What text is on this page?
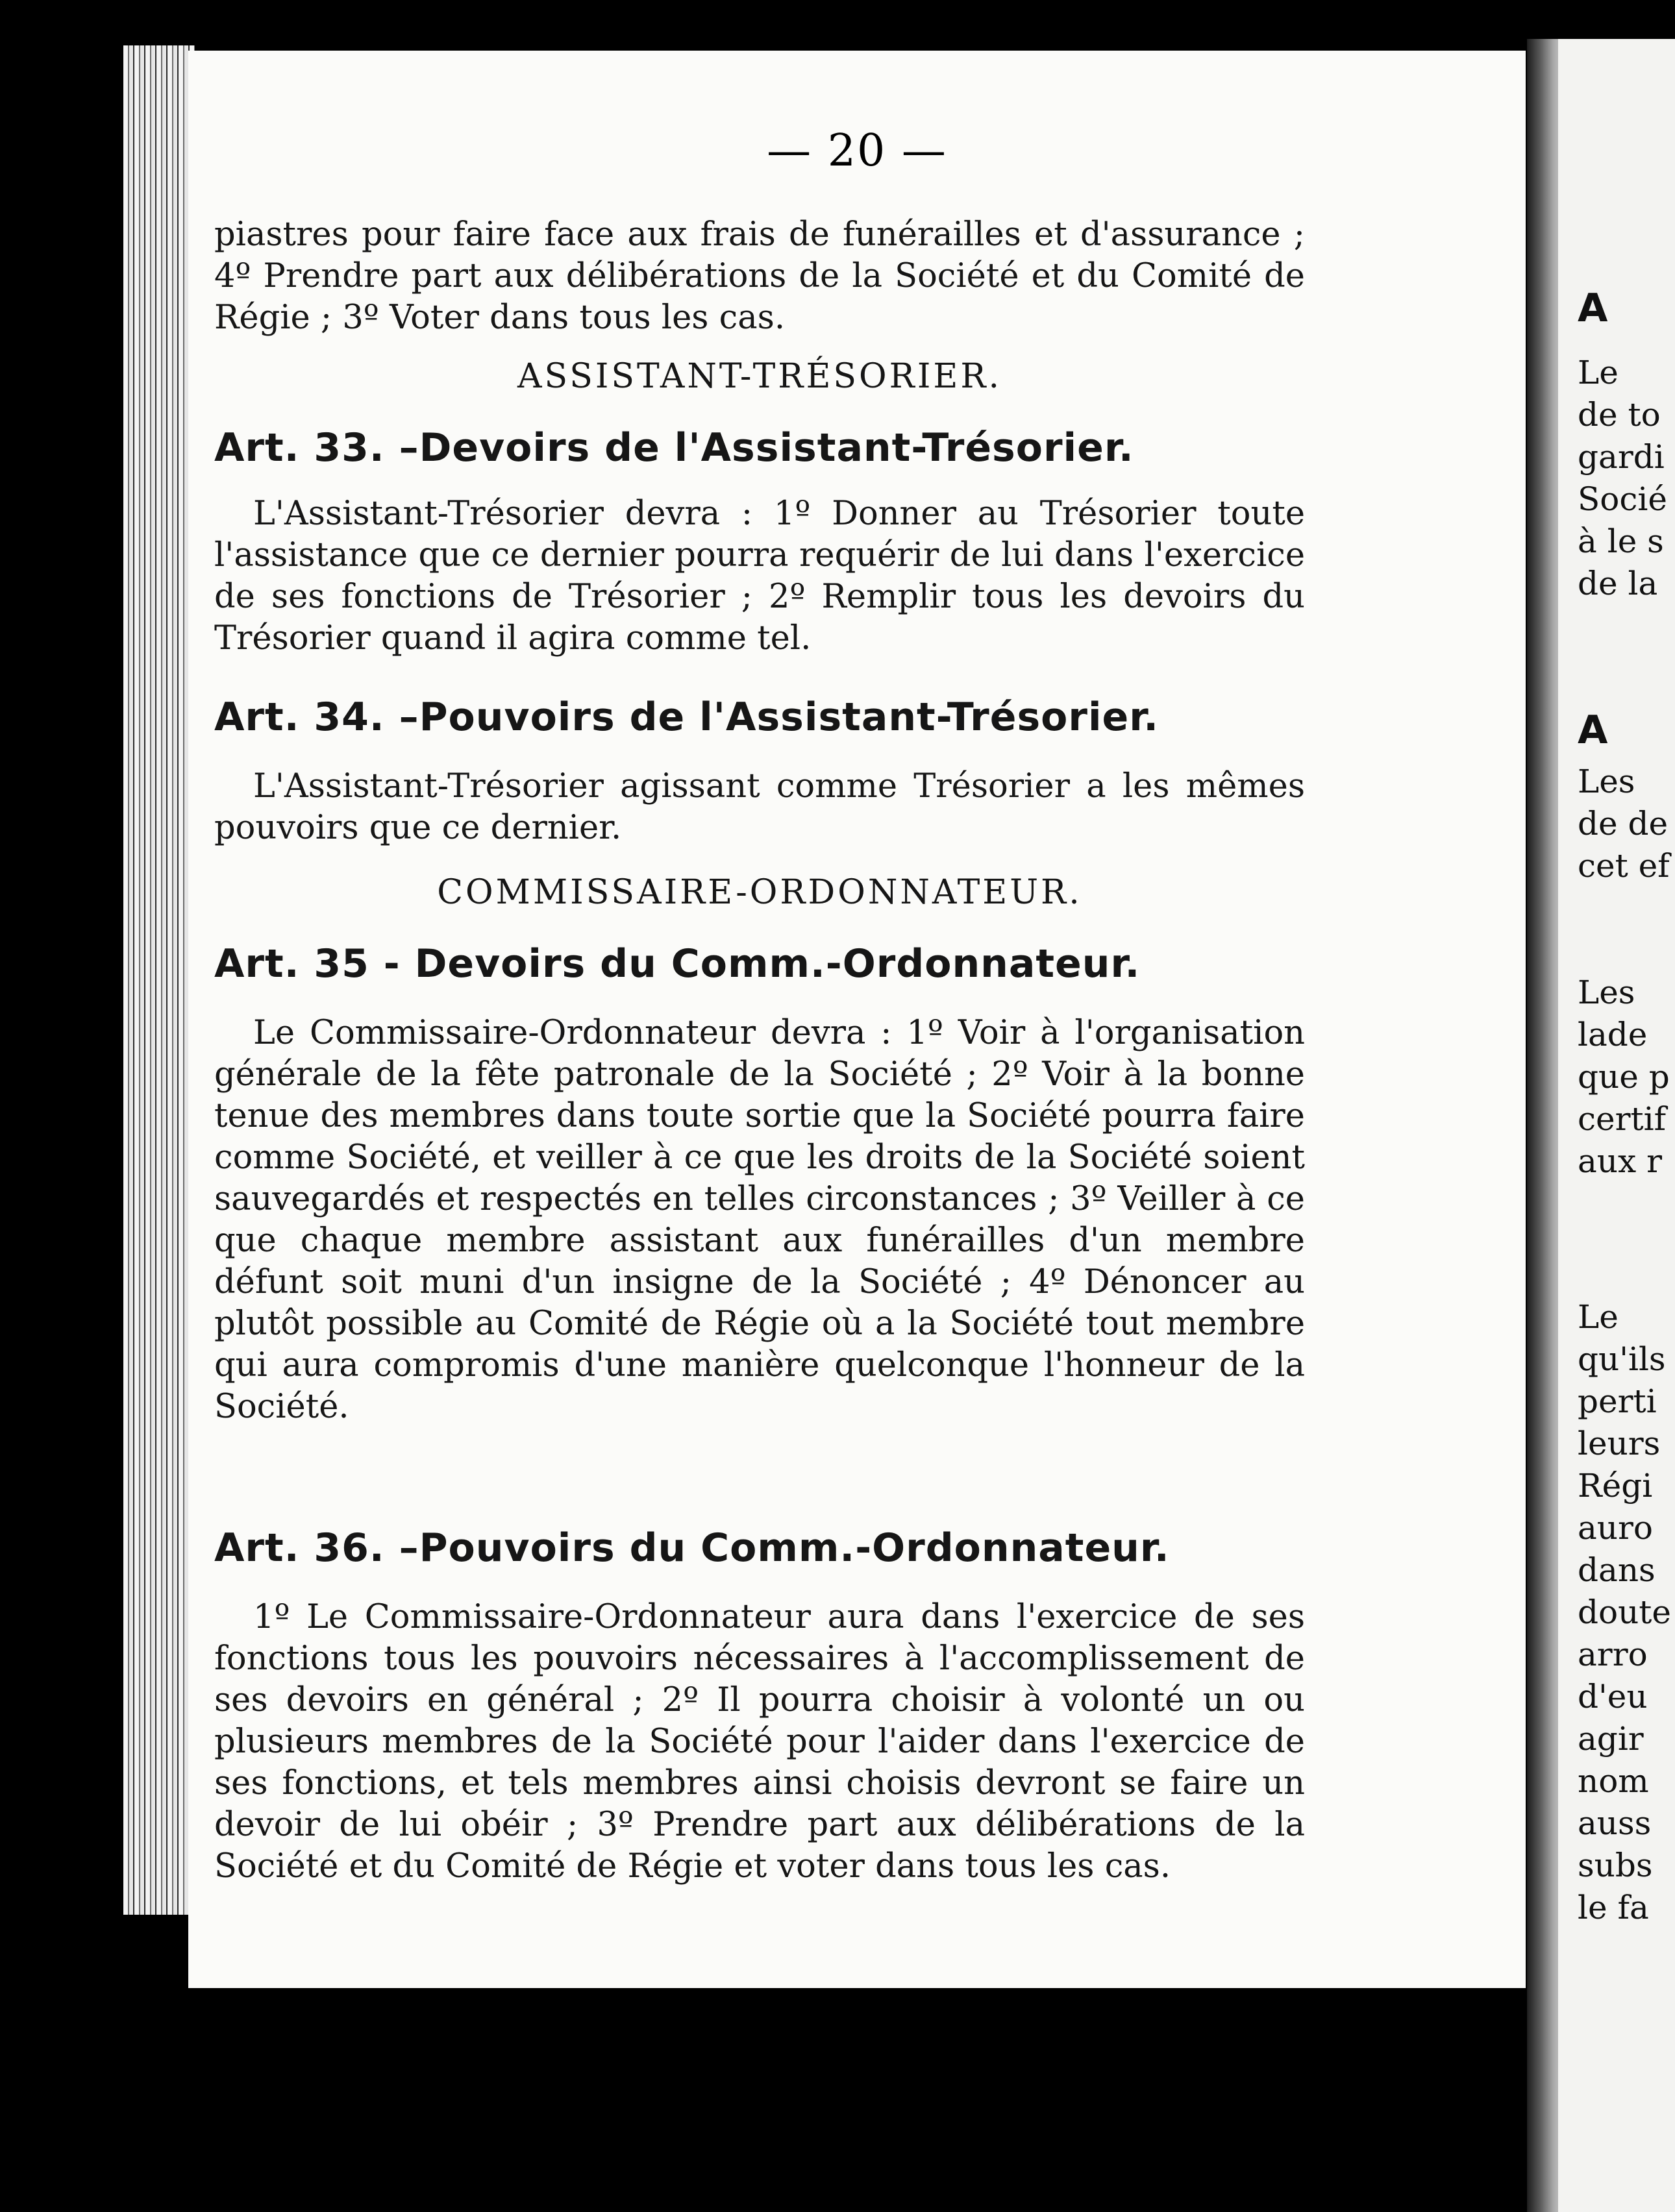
— 20 —
A
Le
de to
gardi
Socié
à le s
de la
A
Les
de de
cet ef
Les
lade
que p
certif
aux r
Le
qu'ils
perti
leurs
Régi
auro
dans
doute
arro
d'eu
agir
nom
auss
subs
le fa
piastres pour faire face aux frais de funérailles et d'assurance ; 4º Prendre part aux délibérations de la Société et du Comité de Régie ; 3º Voter dans tous les cas.
ASSISTANT-TRÉSORIER.
Art. 33. –Devoirs de l'Assistant-Trésorier.
L'Assistant-Trésorier devra : 1º Donner au Trésorier toute l'assistance que ce dernier pourra requérir de lui dans l'exercice de ses fonctions de Trésorier ; 2º Remplir tous les devoirs du Trésorier quand il agira comme tel.
Art. 34. –Pouvoirs de l'Assistant-Trésorier.
L'Assistant-Trésorier agissant comme Trésorier a les mêmes pouvoirs que ce dernier.
COMMISSAIRE-ORDONNATEUR.
Art. 35 - Devoirs du Comm.-Ordonnateur.
Le Commissaire-Ordonnateur devra : 1º Voir à l'organisation générale de la fête patronale de la Société ; 2º Voir à la bonne tenue des membres dans toute sortie que la Société pourra faire comme Société, et veiller à ce que les droits de la Société soient sauvegardés et respectés en telles circonstances ; 3º Veiller à ce que chaque membre assistant aux funérailles d'un membre défunt soit muni d'un insigne de la Société ; 4º Dénoncer au plutôt possible au Comité de Régie où a la Société tout membre qui aura compromis d'une manière quelconque l'honneur de la Société.
Art. 36. –Pouvoirs du Comm.-Ordonnateur.
1º Le Commissaire-Ordonnateur aura dans l'exercice de ses fonctions tous les pouvoirs nécessaires à l'accomplissement de ses devoirs en général ; 2º Il pourra choisir à volonté un ou plusieurs membres de la Société pour l'aider dans l'exercice de ses fonctions, et tels membres ainsi choisis devront se faire un devoir de lui obéir ; 3º Prendre part aux délibérations de la Société et du Comité de Régie et voter dans tous les cas.
